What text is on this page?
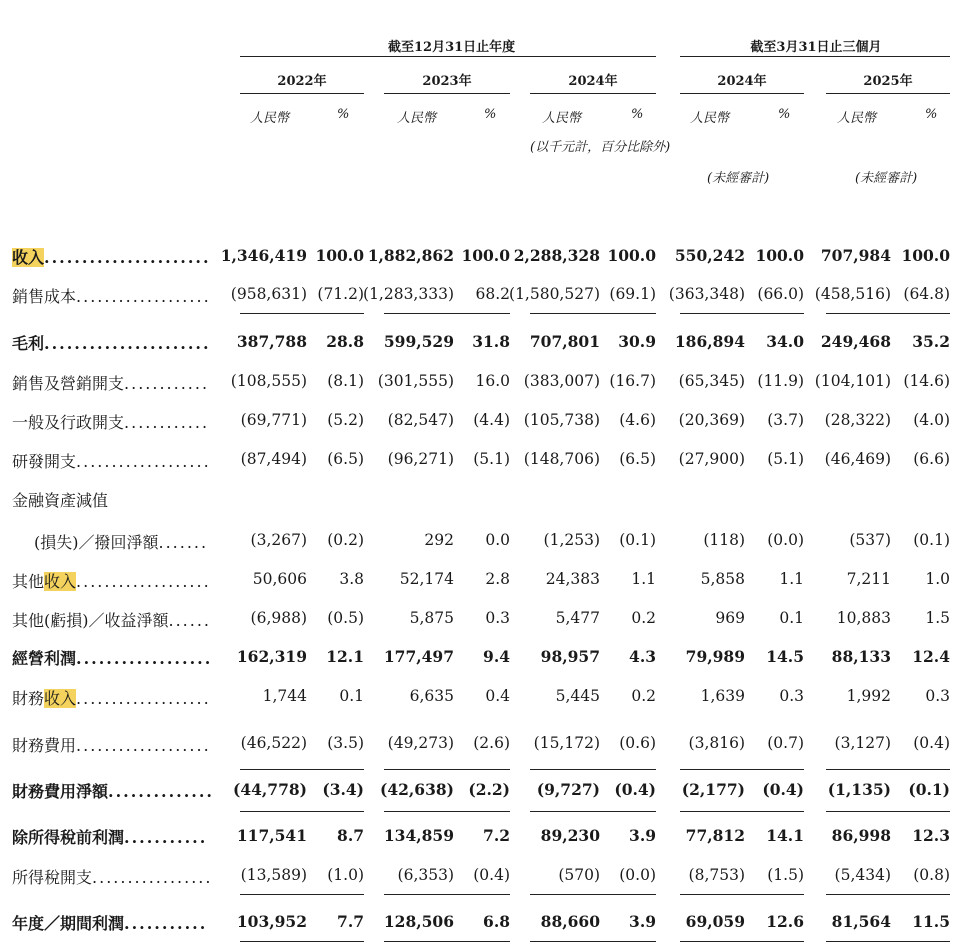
截至12月31日止年度	截至3月31日止三個月
2022年	2023年	2024年	2024年	2025年
人民幣	%	人民幣	%	人民幣	%	人民幣	%	人民幣	%
(以千元計，百分比除外)
(未經審計)	(未經審計)
收入...................... 1,346,419 100.0 1,882,862 100.0 2,288,328 100.0 550,242 100.0 707,984 100.0
銷售成本................... (958,631) (71.2) (1,283,333) 68.2 (1,580,527) (69.1) (363,348) (66.0) (458,516) (64.8)
毛利...................... 387,788 28.8 599,529 31.8 707,801 30.9 186,894 34.0 249,468 35.2
銷售及營銷開支............ (108,555) (8.1) (301,555) 16.0 (383,007) (16.7) (65,345) (11.9) (104,101) (14.6)
一般及行政開支............ (69,771) (5.2) (82,547) (4.4) (105,738) (4.6) (20,369) (3.7) (28,322) (4.0)
研發開支................... (87,494) (6.5) (96,271) (5.1) (148,706) (6.5) (27,900) (5.1) (46,469) (6.6)
金融資產減值
(損失)／撥回淨額.......	(3,267) (0.2)	292 0.0 (1,253) (0.1)	(118) (0.0)	(537) (0.1)
其他收入...................	50,606 3.8 52,174 2.8 24,383 1.1	5,858 1.1	7,211 1.0
其他(虧損)／收益淨額......	(6,988) (0.5)	5,875 0.3	5,477 0.2	969 0.1 10,883 1.5
經營利潤.................. 162,319 12.1 177,497 9.4 98,957 4.3 79,989 14.5 88,133 12.4
財務收入...................	1,744 0.1	6,635 0.4	5,445 0.2	1,639 0.3	1,992 0.3
財務費用................... (46,522) (3.5) (49,273) (2.6) (15,172) (0.6) (3,816) (0.7) (3,127) (0.4)
財務費用淨額.............. (44,778) (3.4) (42,638) (2.2) (9,727) (0.4) (2,177) (0.4) (1,135) (0.1)
除所得稅前利潤........... 117,541 8.7 134,859 7.2 89,230 3.9 77,812 14.1 86,998 12.3
所得稅開支................. (13,589) (1.0) (6,353) (0.4)	(570) (0.0) (8,753) (1.5) (5,434) (0.8)
年度／期間利潤........... 103,952 7.7 128,506 6.8 88,660 3.9 69,059 12.6 81,564 11.5
